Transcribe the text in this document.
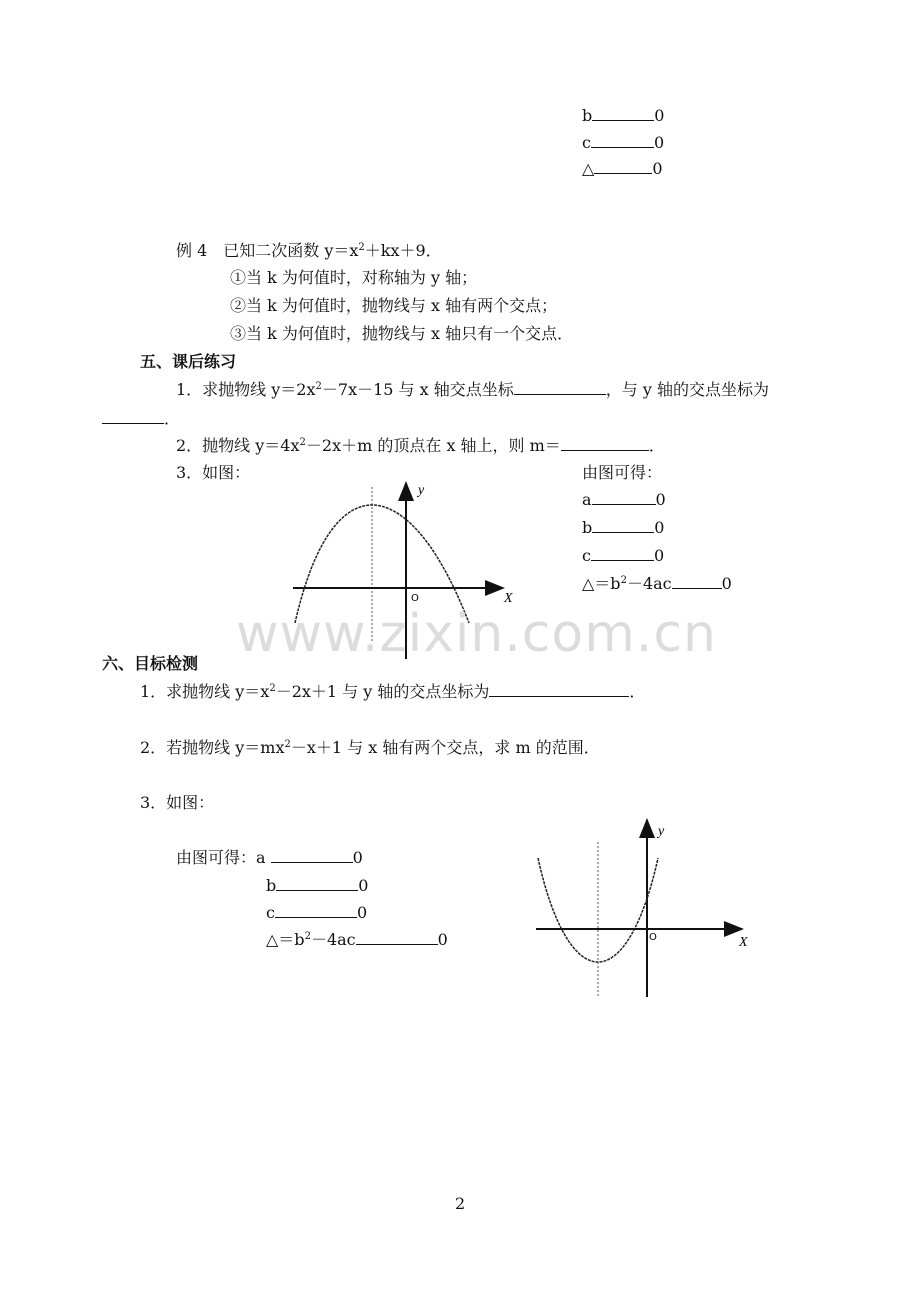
b	0
c	0
△	0
例 4　已知二次函数 $y=x^2+kx+9$．
①当 k 为何值时，对称轴为 y 轴；
②当 k 为何值时，抛物线与 x 轴有两个交点；
③当 k 为何值时，抛物线与 x 轴只有一个交点．
五、课后练习
1．求抛物线 $y=2x^2-7x-15$ 与 x 轴交点坐标	，与 y 轴的交点坐标为
．
2．抛物线 $y=4x^2-2x+m$ 的顶点在 x 轴上，则 m＝	．
3．如图：	由图可得：
a	0
b	0
c	0
$\triangle=b^2-4ac$	0
y
X
O
www.zixin.com.cn
六、目标检测
1．求抛物线 $y=x^2-2x+1$ 与 y 轴的交点坐标为	．
2．若抛物线 $y=mx^2-x+1$ 与 x 轴有两个交点，求 m 的范围．
3．如图：
由图可得：a	0
b	0
c	0
$\triangle=b^2-4ac$	0
y
X
O
2
